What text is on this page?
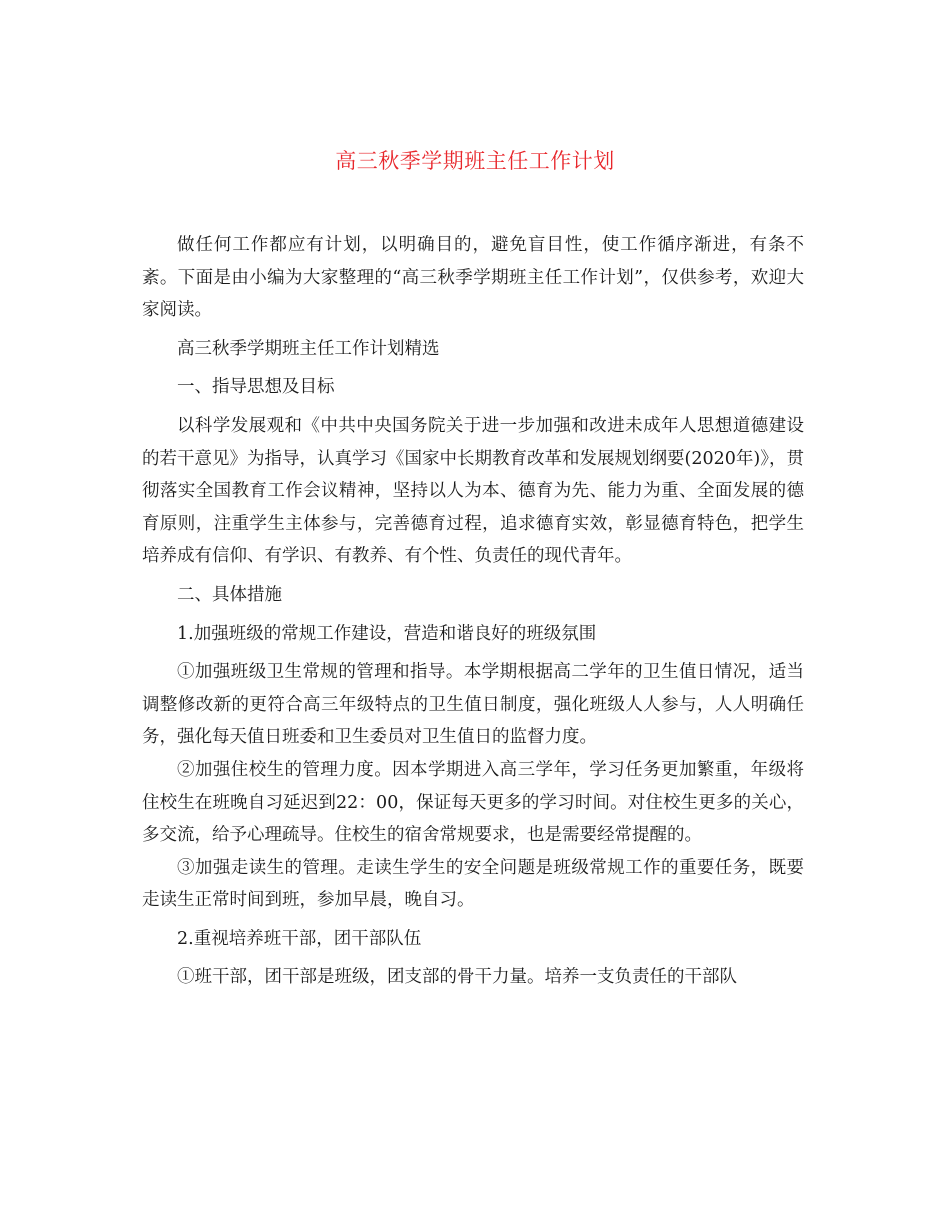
高三秋季学期班主任工作计划

做任何工作都应有计划，以明确目的，避免盲目性，使工作循序渐进，有条不紊。下面是由小编为大家整理的“高三秋季学期班主任工作计划”，仅供参考，欢迎大家阅读。

高三秋季学期班主任工作计划精选

一、指导思想及目标

以科学发展观和《中共中央国务院关于进一步加强和改进未成年人思想道德建设的若干意见》为指导，认真学习《国家中长期教育改革和发展规划纲要(2020年)》，贯彻落实全国教育工作会议精神，坚持以人为本、德育为先、能力为重、全面发展的德育原则，注重学生主体参与，完善德育过程，追求德育实效，彰显德育特色，把学生培养成有信仰、有学识、有教养、有个性、负责任的现代青年。

二、具体措施

1.加强班级的常规工作建设，营造和谐良好的班级氛围

①加强班级卫生常规的管理和指导。本学期根据高二学年的卫生值日情况，适当调整修改新的更符合高三年级特点的卫生值日制度，强化班级人人参与，人人明确任务，强化每天值日班委和卫生委员对卫生值日的监督力度。

②加强住校生的管理力度。因本学期进入高三学年，学习任务更加繁重，年级将住校生在班晚自习延迟到22：00，保证每天更多的学习时间。对住校生更多的关心，多交流，给予心理疏导。住校生的宿舍常规要求，也是需要经常提醒的。

③加强走读生的管理。走读生学生的安全问题是班级常规工作的重要任务，既要走读生正常时间到班，参加早晨，晚自习。

2.重视培养班干部，团干部队伍

①班干部，团干部是班级，团支部的骨干力量。培养一支负责任的干部队
